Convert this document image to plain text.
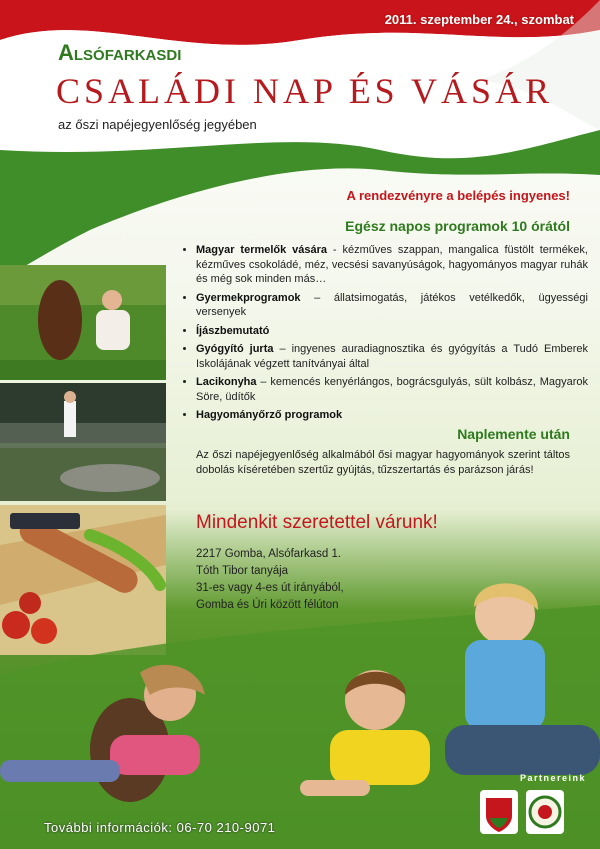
2011. szeptember 24., szombat
Alsófarkasdi
CSALÁDI NAP ÉS VÁSÁR
az őszi napéjegyenlőség jegyében
A rendezvényre a belépés ingyenes!
Egész napos programok 10 órától
• Magyar termelők vására - kézműves szappan, mangalica füstölt termékek, kézműves csokoládé, méz, vecsési savanyúságok, hagyományos magyar ruhák és még sok minden más…
• Gyermekprogramok – állatsimogatás, játékos vetélkedők, ügyességi versenyek
• Íjászbemutató
• Gyógyító jurta – ingyenes auradiagnosztika és gyógyítás a Tudó Emberek Iskolájának végzett tanítványai által
• Lacikonyha – kemencés kenyérlángos, bográcsgulyás, sült kolbász, Magyarok Söre, üdítők
• Hagyományőrző programok
Naplemente után

Az őszi napéjegyenlőség alkalmából ősi magyar hagyományok szerint táltos dobolás kíséretében szertűz gyújtás, tűzszertartás és parázson járás!

Mindenkit szeretettel várunk!
2217 Gomba, Alsófarkasd 1.
Tóth Tibor tanyája
31-es vagy 4-es út irányából,
Gomba és Úri között félúton
További információk: 06-70 210-9071
Partnereink
